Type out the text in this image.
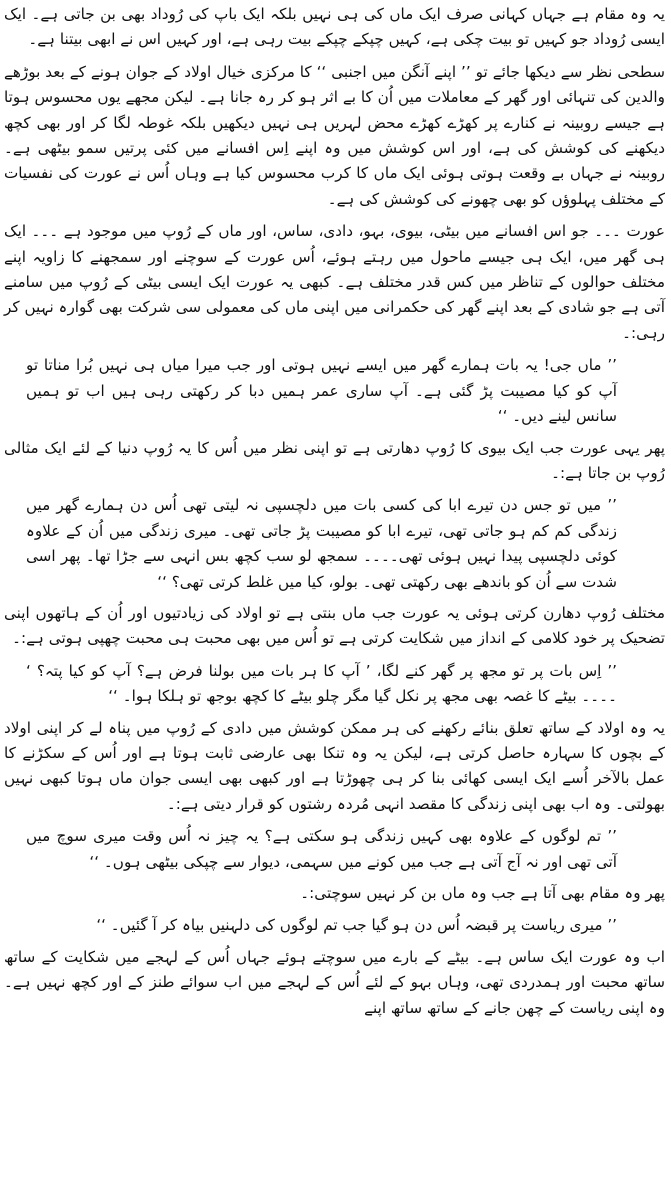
یہ وہ مقام ہے جہاں کہانی صرف ایک ماں کی ہی نہیں بلکہ ایک باپ کی رُوداد بھی بن جاتی ہے۔ ایک ایسی رُوداد جو کہیں تو بیت چکی ہے، کہیں چپکے چپکے بیت رہی ہے، اور کہیں اس نے ابھی بیتنا ہے۔

سطحی نظر سے دیکھا جائے تو ’’ اپنے آنگن میں اجنبی ‘‘ کا مرکزی خیال اولاد کے جوان ہونے کے بعد بوڑھے والدین کی تنہائی اور گھر کے معاملات میں اُن کا بے اثر ہو کر رہ جانا ہے۔ لیکن مجھے یوں محسوس ہوتا ہے جیسے روبینہ نے کنارے پر کھڑے کھڑے محض لہریں ہی نہیں دیکھیں بلکہ غوطہ لگا کر اور بھی کچھ دیکھنے کی کوشش کی ہے، اور اس کوشش میں وہ اپنے اِس افسانے میں کئی پرتیں سمو بیٹھی ہے۔ روبینہ نے جہاں بے وقعت ہوتی ہوئی ایک ماں کا کرب محسوس کیا ہے وہاں اُس نے عورت کی نفسیات کے مختلف پہلوؤں کو بھی چھونے کی کوشش کی ہے۔

عورت ۔۔۔ جو اس افسانے میں بیٹی، بیوی، بہو، دادی، ساس، اور ماں کے رُوپ میں موجود ہے ۔۔۔ ایک ہی گھر میں، ایک ہی جیسے ماحول میں رہتے ہوئے، اُس عورت کے سوچنے اور سمجھنے کا زاویہ اپنے مختلف حوالوں کے تناظر میں کس قدر مختلف ہے۔ کبھی یہ عورت ایک ایسی بیٹی کے رُوپ میں سامنے آتی ہے جو شادی کے بعد اپنے گھر کی حکمرانی میں اپنی ماں کی معمولی سی شرکت بھی گوارہ نہیں کر رہی:۔

’’ ماں جی! یہ بات ہمارے گھر میں ایسے نہیں ہوتی اور جب میرا میاں ہی نہیں بُرا مناتا تو آپ کو کیا مصیبت پڑ گئی ہے۔ آپ ساری عمر ہمیں دبا کر رکھتی رہی ہیں اب تو ہمیں سانس لینے دیں۔ ‘‘

پھر یہی عورت جب ایک بیوی کا رُوپ دھارتی ہے تو اپنی نظر میں اُس کا یہ رُوپ دنیا کے لئے ایک مثالی رُوپ بن جاتا ہے:۔

’’ میں تو جس دن تیرے ابا کی کسی بات میں دلچسپی نہ لیتی تھی اُس دن ہمارے گھر میں زندگی کم کم ہو جاتی تھی، تیرے ابا کو مصیبت پڑ جاتی تھی۔ میری زندگی میں اُن کے علاوہ کوئی دلچسپی پیدا نہیں ہوئی تھی۔۔۔۔ سمجھ لو سب کچھ بس انہی سے جڑا تھا۔ پھر اسی شدت سے اُن کو باندھے بھی رکھتی تھی۔ بولو، کیا میں غلط کرتی تھی؟ ‘‘

مختلف رُوپ دھارن کرتی ہوئی یہ عورت جب ماں بنتی ہے تو اولاد کی زیادتیوں اور اُن کے ہاتھوں اپنی تضحیک پر خود کلامی کے انداز میں شکایت کرتی ہے تو اُس میں بھی محبت ہی محبت چھپی ہوتی ہے:۔

’’ اِس بات پر تو مجھ پر گھر کنے لگا، ’ آپ کا ہر بات میں بولنا فرض ہے؟ آپ کو کیا پتہ؟ ‘ ۔۔۔۔ بیٹے کا غصہ بھی مجھ پر نکل گیا مگر چلو بیٹے کا کچھ بوجھ تو ہلکا ہوا۔ ‘‘

یہ وہ اولاد کے ساتھ تعلق بنائے رکھنے کی ہر ممکن کوشش میں دادی کے رُوپ میں پناہ لے کر اپنی اولاد کے بچوں کا سہارہ حاصل کرتی ہے، لیکن یہ وہ تنکا بھی عارضی ثابت ہوتا ہے اور اُس کے سکڑنے کا عمل بالآخر اُسے ایک ایسی کھائی بنا کر ہی چھوڑتا ہے اور کبھی بھی ایسی جوان ماں ہوتا کبھی نہیں بھولتی۔ وہ اب بھی اپنی زندگی کا مقصد انہی مُردہ رشتوں کو قرار دیتی ہے:۔

’’ تم لوگوں کے علاوہ بھی کہیں زندگی ہو سکتی ہے؟ یہ چیز نہ اُس وقت میری سوچ میں آتی تھی اور نہ آج آتی ہے جب میں کونے میں سہمی، دیوار سے چپکی بیٹھی ہوں۔ ‘‘

پھر وہ مقام بھی آتا ہے جب وہ ماں بن کر نہیں سوچتی:۔

’’ میری ریاست پر قبضہ اُس دن ہو گیا جب تم لوگوں کی دلہنیں بیاہ کر آ گئیں۔ ‘‘

اب وہ عورت ایک ساس ہے۔ بیٹے کے بارے میں سوچتے ہوئے جہاں اُس کے لہجے میں شکایت کے ساتھ ساتھ محبت اور ہمدردی تھی، وہاں بہو کے لئے اُس کے لہجے میں اب سوائے طنز کے اور کچھ نہیں ہے۔ وہ اپنی ریاست کے چھن جانے کے ساتھ ساتھ اپنے
